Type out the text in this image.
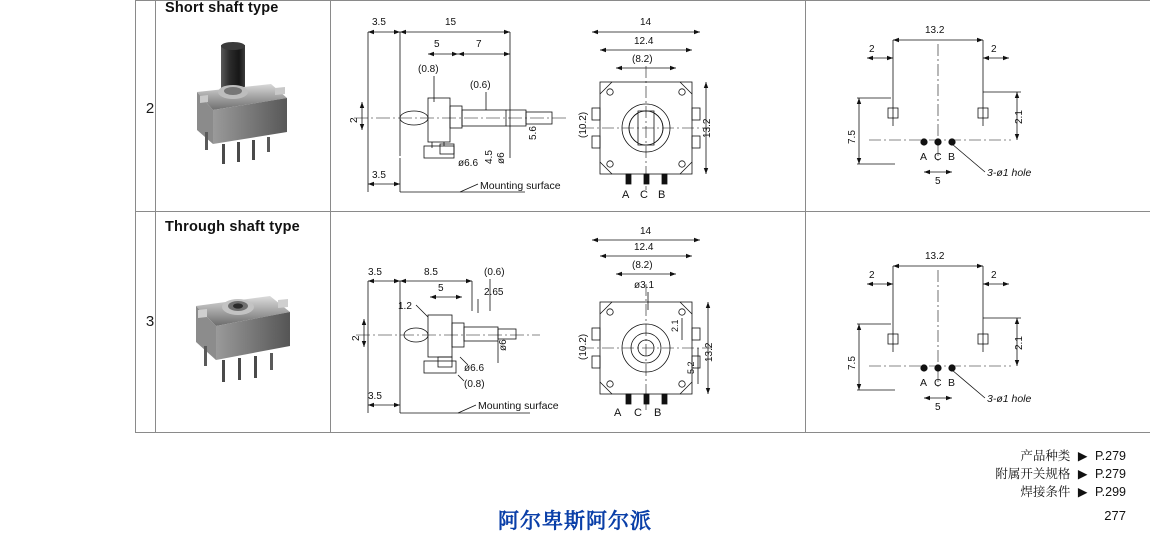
2
Short shaft type
3.5	15
5	7
(0.8)
(0.6)
2
ø6.6 ø6
4.5
5.6
3.5
Mounting surface
14
12.4
(8.2)
(10.2)	13.2
A C B
13.2
2	2
2.1
7.5
A C B
5
3-ø1 hole
3
Through shaft type
3.5	8.5	(0.6)
5	2.65
1.2
2
ø6
ø6.6
(0.8)
3.5
Mounting surface
14
12.4
(8.2)
ø3.1
(10.2)
2.1
5.2
13.2
A C B
13.2
2	2
2.1
7.5
A C B
5
3-ø1 hole
产品种类 ▶ P.279
附属开关规格 ▶ P.279
焊接条件 ▶ P.299
阿尔卑斯阿尔派	277
